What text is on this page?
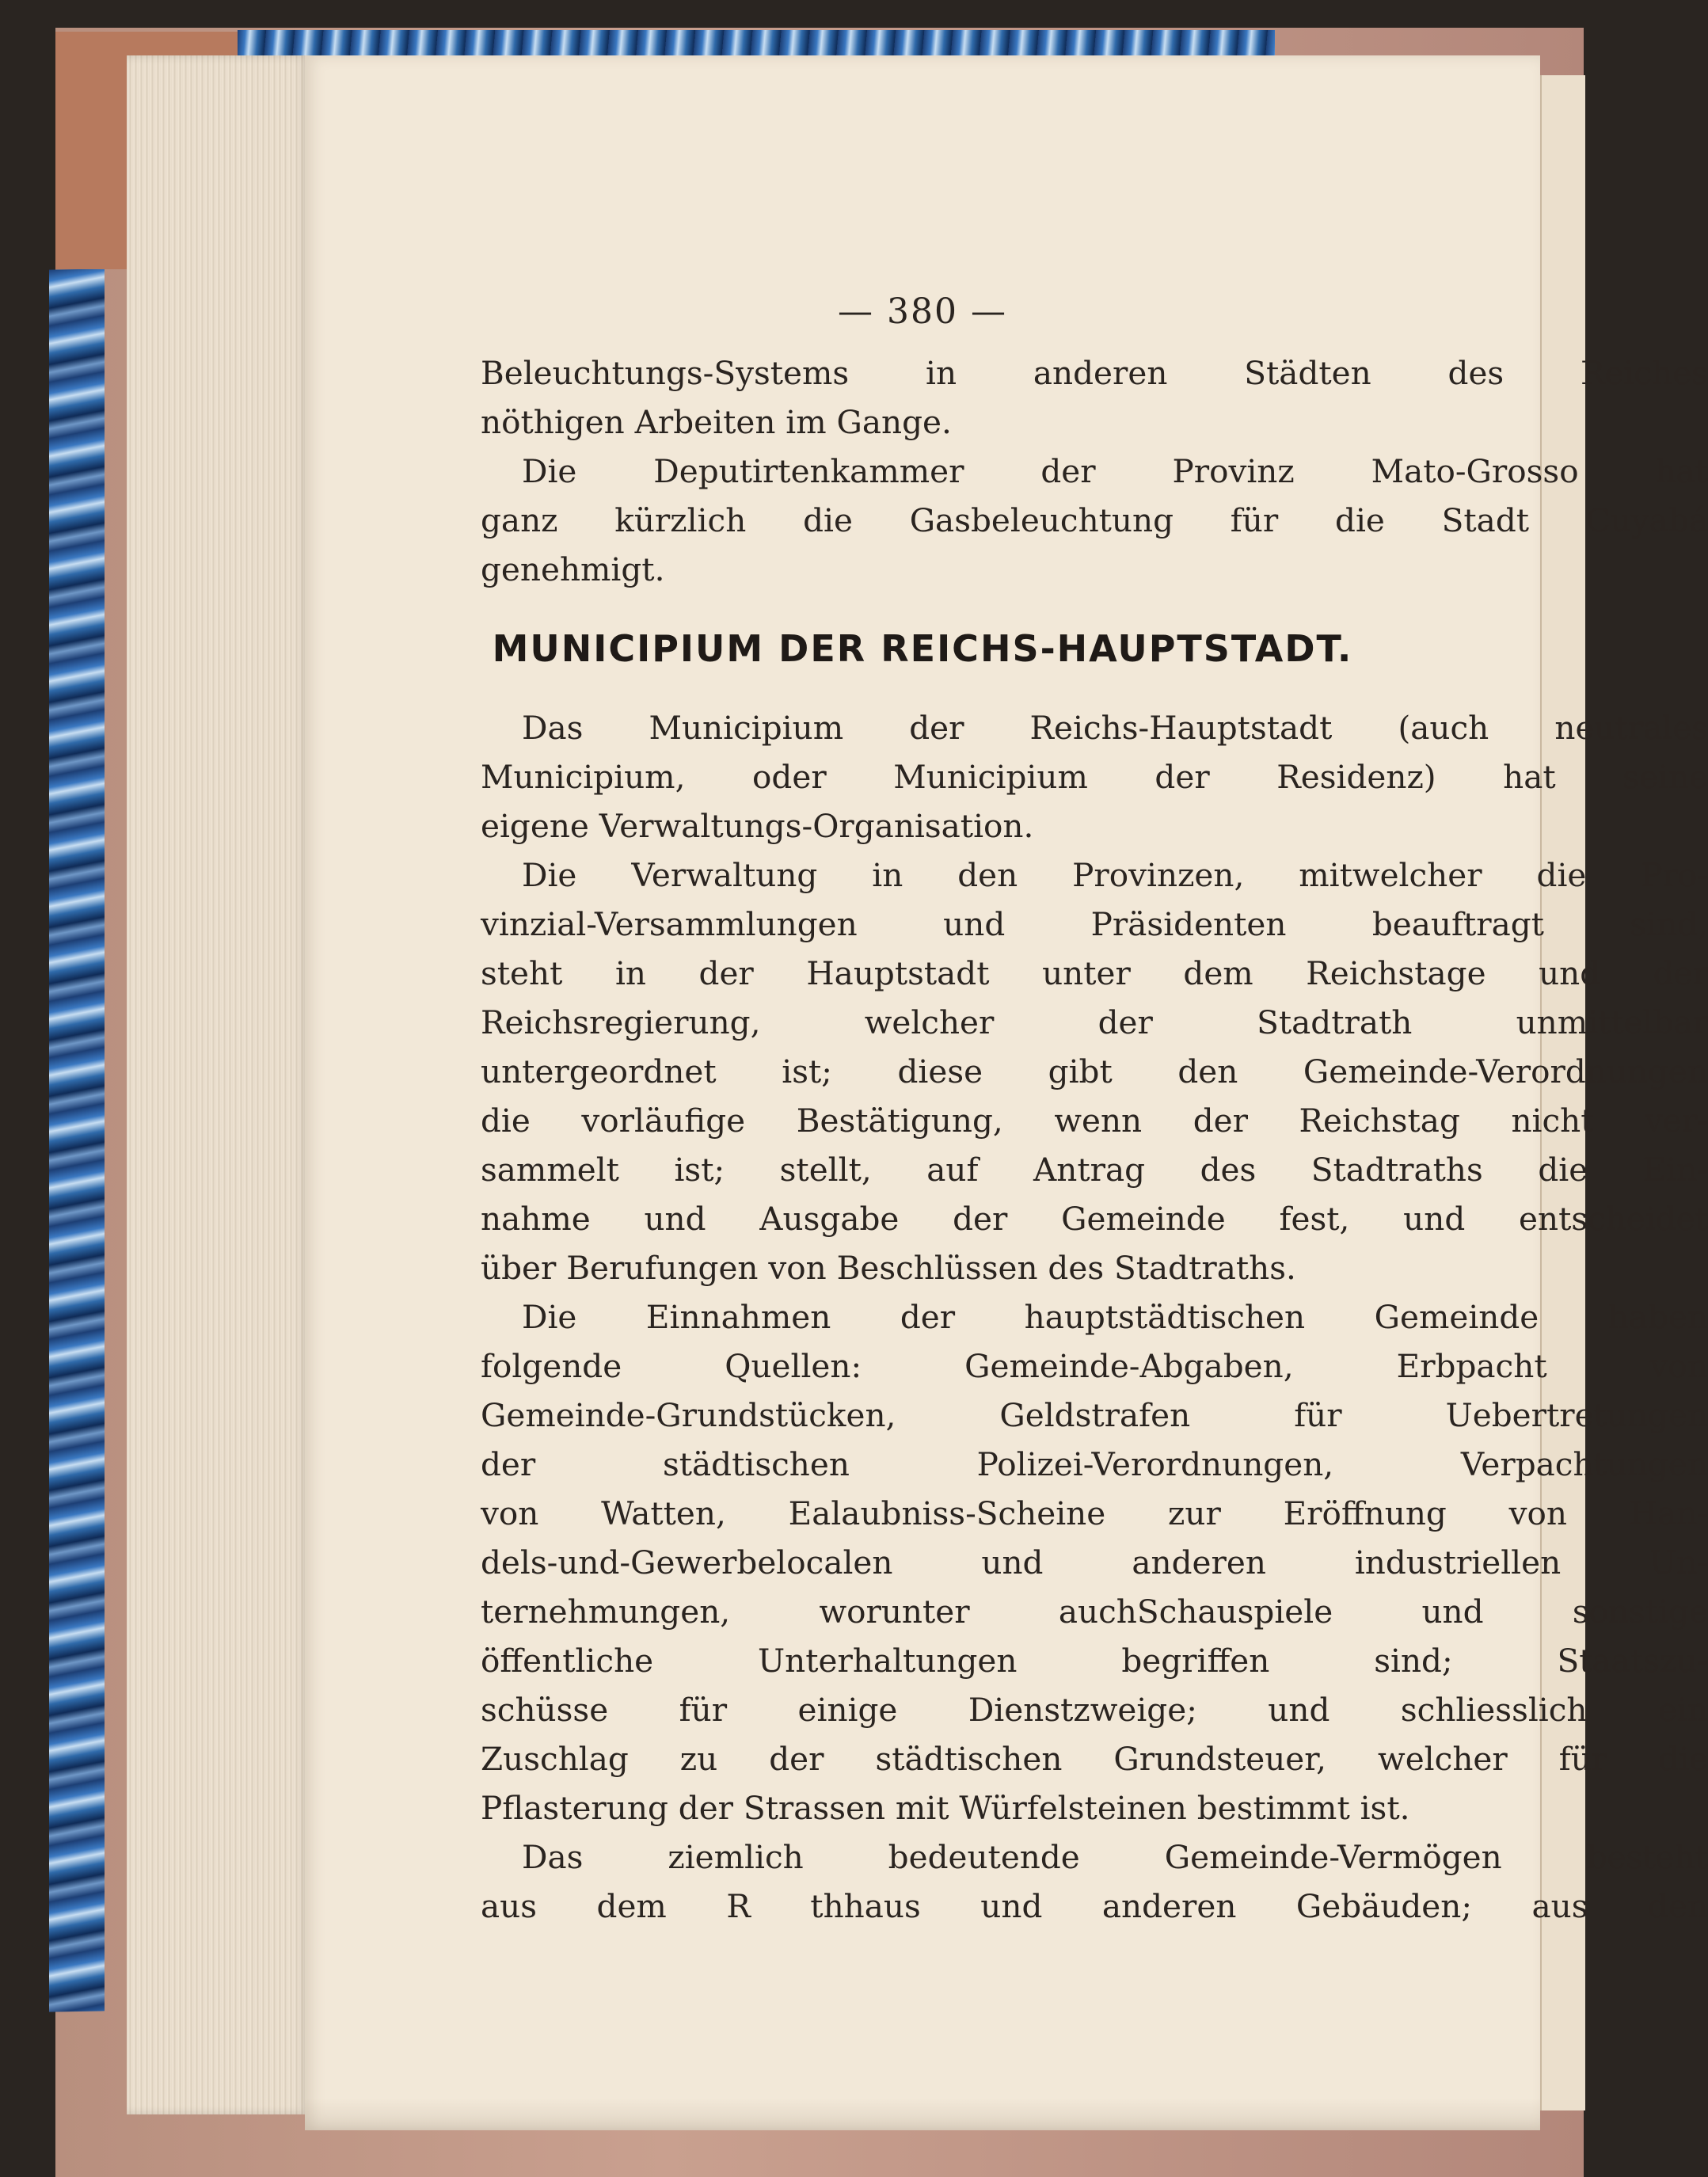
— 380 —
Beleuchtungs-Systems in anderen Städten des Reiches
nöthigen Arbeiten im Gange.
Die Deputirtenkammer der Provinz Mato-Grosso hat
ganz kürzlich die Gasbeleuchtung für die Stadt Cuyabá
genehmigt.
MUNICIPIUM DER REICHS-HAUPTSTADT.
Das Municipium der Reichs-Hauptstadt (auch neutrales
Municipium, oder Municipium der Residenz) hat seine
eigene Verwaltungs-Organisation.
Die Verwaltung in den Provinzen, mitwelcher die Pro-
vinzial-Versammlungen und Präsidenten beauftragt sind,
steht in der Hauptstadt unter dem Reichstage und der
Reichsregierung, welcher der Stadtrath unmittelbar
untergeordnet ist; diese gibt den Gemeinde-Verordnungen
die vorläufige Bestätigung, wenn der Reichstag nicht ver-
sammelt ist; stellt, auf Antrag des Stadtraths die Ein-
nahme und Ausgabe der Gemeinde fest, und entscheidet
über Berufungen von Beschlüssen des Stadtraths.
Die Einnahmen der hauptstädtischen Gemeinde haben
folgende Quellen: Gemeinde-Abgaben, Erbpacht von
Gemeinde-Grundstücken, Geldstrafen für Uebertretungen
der städtischen Polizei-Verordnungen, Verpachtungen
von Watten, Ealaubniss-Scheine zur Eröffnung von Han-
dels-und-Gewerbelocalen und anderen industriellen Un-
ternehmungen, worunter auchSchauspiele und sonstige
öffentliche Unterhaltungen begriffen sind; Staatszu-
schüsse für einige Dienstzweige; und schliesslich ein
Zuschlag zu der städtischen Grundsteuer, welcher für die
Pflasterung der Strassen mit Würfelsteinen bestimmt ist.
Das ziemlich bedeutende Gemeinde-Vermögen besteht
aus dem R thhaus und anderen Gebäuden; aus den
